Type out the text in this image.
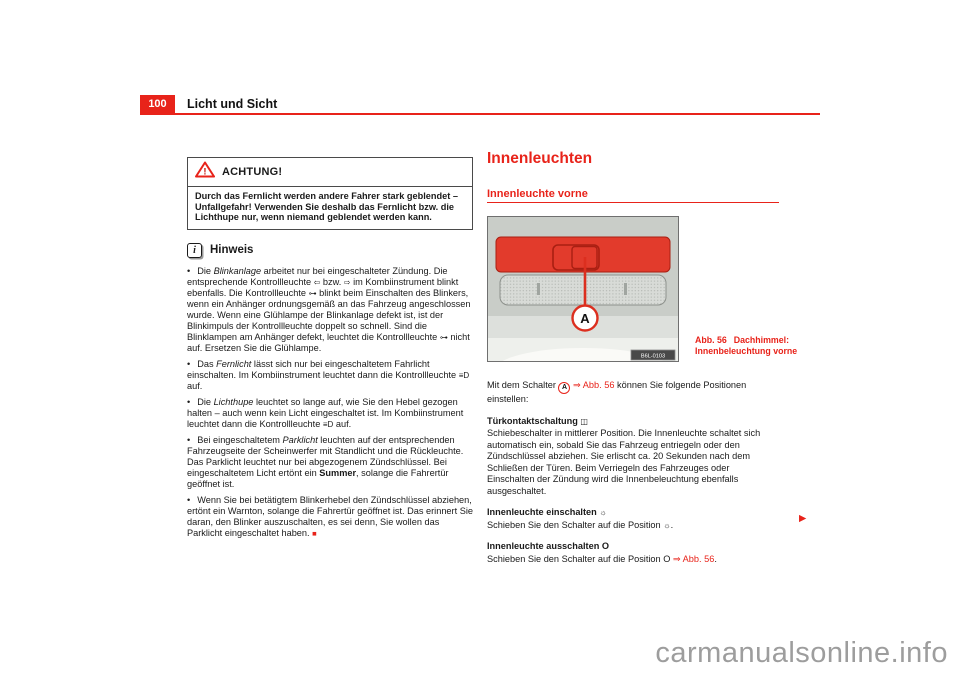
100	Licht und Sicht
! ACHTUNG!
Durch das Fernlicht werden andere Fahrer stark geblendet – Unfallgefahr! Verwenden Sie deshalb das Fernlicht bzw. die Lichthupe nur, wenn niemand geblendet werden kann.
i	Hinweis

• Die Blinkanlage arbeitet nur bei eingeschalteter Zündung. Die entsprechende Kontrollleuchte ⇦ bzw. ⇨ im Kombiinstrument blinkt ebenfalls. Die Kontrollleuchte ⊶ blinkt beim Einschalten des Blinkers, wenn ein Anhänger ordnungsgemäß an das Fahrzeug angeschlossen wurde. Wenn eine Glühlampe der Blinkanlage defekt ist, ist der Blinkimpuls der Kontrollleuchte doppelt so schnell. Sind die Blinklampen am Anhänger defekt, leuchtet die Kontrollleuchte ⊶ nicht auf. Ersetzen Sie die Glühlampe.

• Das Fernlicht lässt sich nur bei eingeschaltetem Fahrlicht einschalten. Im Kombiinstrument leuchtet dann die Kontrollleuchte ≡D auf.

• Die Lichthupe leuchtet so lange auf, wie Sie den Hebel gezogen halten – auch wenn kein Licht eingeschaltet ist. Im Kombiinstrument leuchtet dann die Kontrollleuchte ≡D auf.

• Bei eingeschaltetem Parklicht leuchten auf der entsprechenden Fahrzeugseite der Scheinwerfer mit Standlicht und die Rückleuchte. Das Parklicht leuchtet nur bei abgezogenem Zündschlüssel. Bei eingeschaltetem Licht ertönt ein Summer, solange die Fahrertür geöffnet ist.

• Wenn Sie bei betätigtem Blinkerhebel den Zündschlüssel abziehen, ertönt ein Warnton, solange die Fahrertür geöffnet ist. Das erinnert Sie daran, den Blinker auszuschalten, es sei denn, Sie wollen das Parklicht eingeschaltet haben. ■

Innenleuchten
Innenleuchte vorne
A
B6L-0103
Abb. 56 Dachhimmel: Innenbeleuchtung vorne

Mit dem Schalter A ⇒ Abb. 56 können Sie folgende Positionen einstellen:

Türkontaktschaltung ◫
Schiebeschalter in mittlerer Position. Die Innenleuchte schaltet sich automatisch ein, sobald Sie das Fahrzeug entriegeln oder den Zündschlüssel abziehen. Sie erlischt ca. 20 Sekunden nach dem Schließen der Türen. Beim Verriegeln des Fahrzeuges oder Einschalten der Zündung wird die Innenbeleuchtung ebenfalls ausgeschaltet.
Innenleuchte einschalten ☼
Schieben Sie den Schalter auf die Position ☼.
Innenleuchte ausschalten O
Schieben Sie den Schalter auf die Position O ⇒ Abb. 56.
▶
carmanualsonline.info
